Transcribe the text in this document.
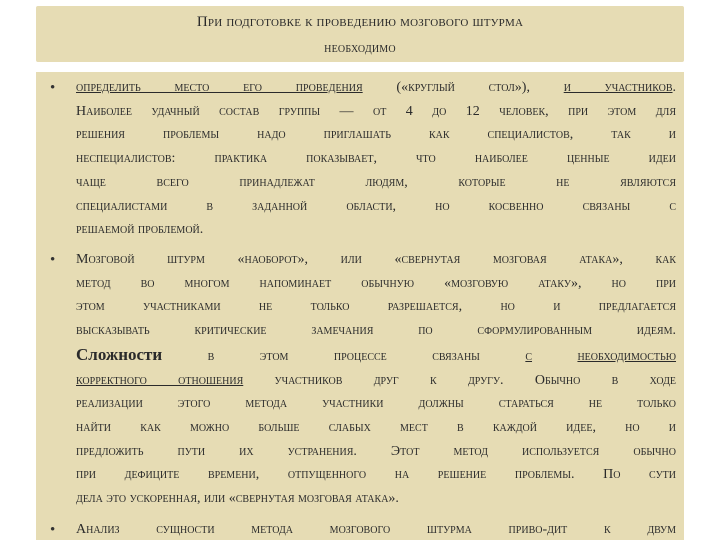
При подготовке к проведению мозгового штурма
необходимо
• определить место его проведения («круглый стол»), и участников.
Наиболее удачный состав группы — от 4 до 12 человек, при этом для
решения проблемы надо приглашать как специалистов, так и
неспециалистов: практика показывает, что наиболее ценные идеи
чаще всего принадлежат людям, которые не являются
специалистами в заданной области, но косвенно связаны с
решаемой проблемой.
• Мозговой штурм «наоборот», или «свернутая мозговая атака», как
метод во многом напоминает обычную «мозговую атаку», но при
этом участниками не только разрешается, но и предлагается
высказывать критические замечания по сформулированным идеям.
Сложности в этом процессе связаны с	необходимостью
корректного отношения участников друг к другу. Обычно в ходе
реализации этого метода участники должны стараться не только
найти как можно больше слабых мест в каждой идее, но и
предложить пути их устранения. Этот метод используется обычно
при дефиците времени, отпущенного на решение проблемы. По сути
дела это ускоренная, или «свернутая мозговая атака».
• Анализ сущности метода мозгового штурма приво-дит к двум
